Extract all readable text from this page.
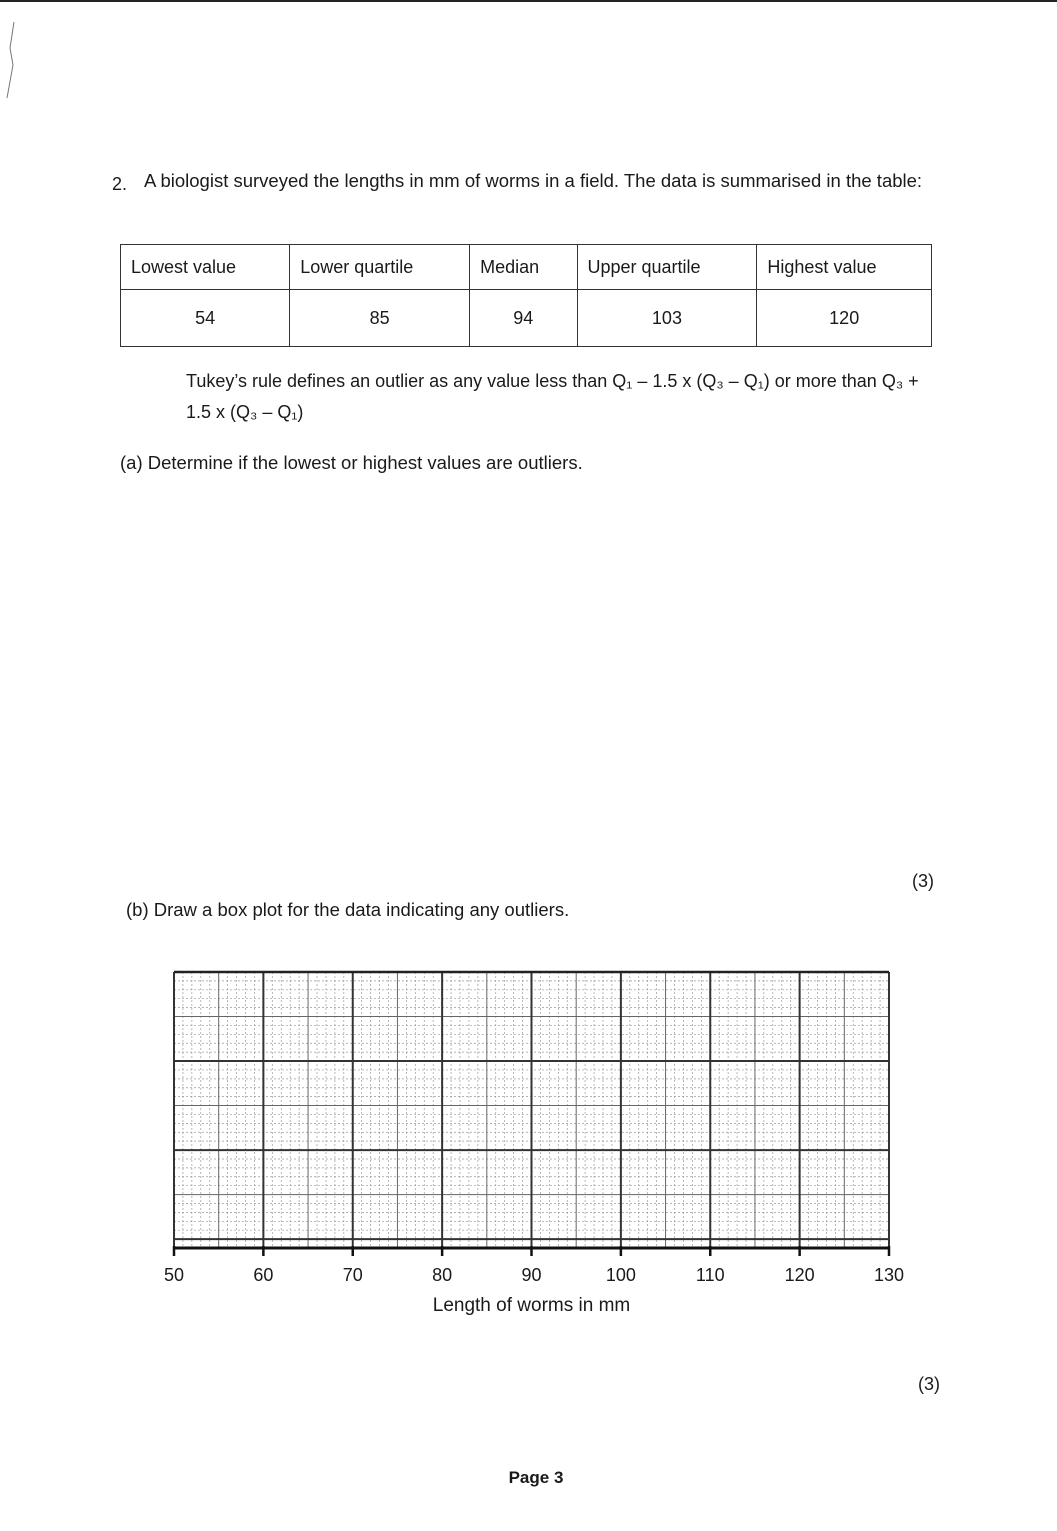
2. A biologist surveyed the lengths in mm of worms in a field. The data is summarised in the table:
Lowest value	Lower quartile	Median	Upper quartile	Highest value
54	85	94	103	120
Tukey’s rule defines an outlier as any value less than Q₁ – 1.5 x (Q₃ – Q₁) or more than Q₃ + 1.5 x (Q₃ – Q₁)
(a) Determine if the lowest or highest values are outliers.
(3)
(b) Draw a box plot for the data indicating any outliers.
50	60	70	80	90	100	110	120	130
Length of worms in mm
(3)
Page 3
